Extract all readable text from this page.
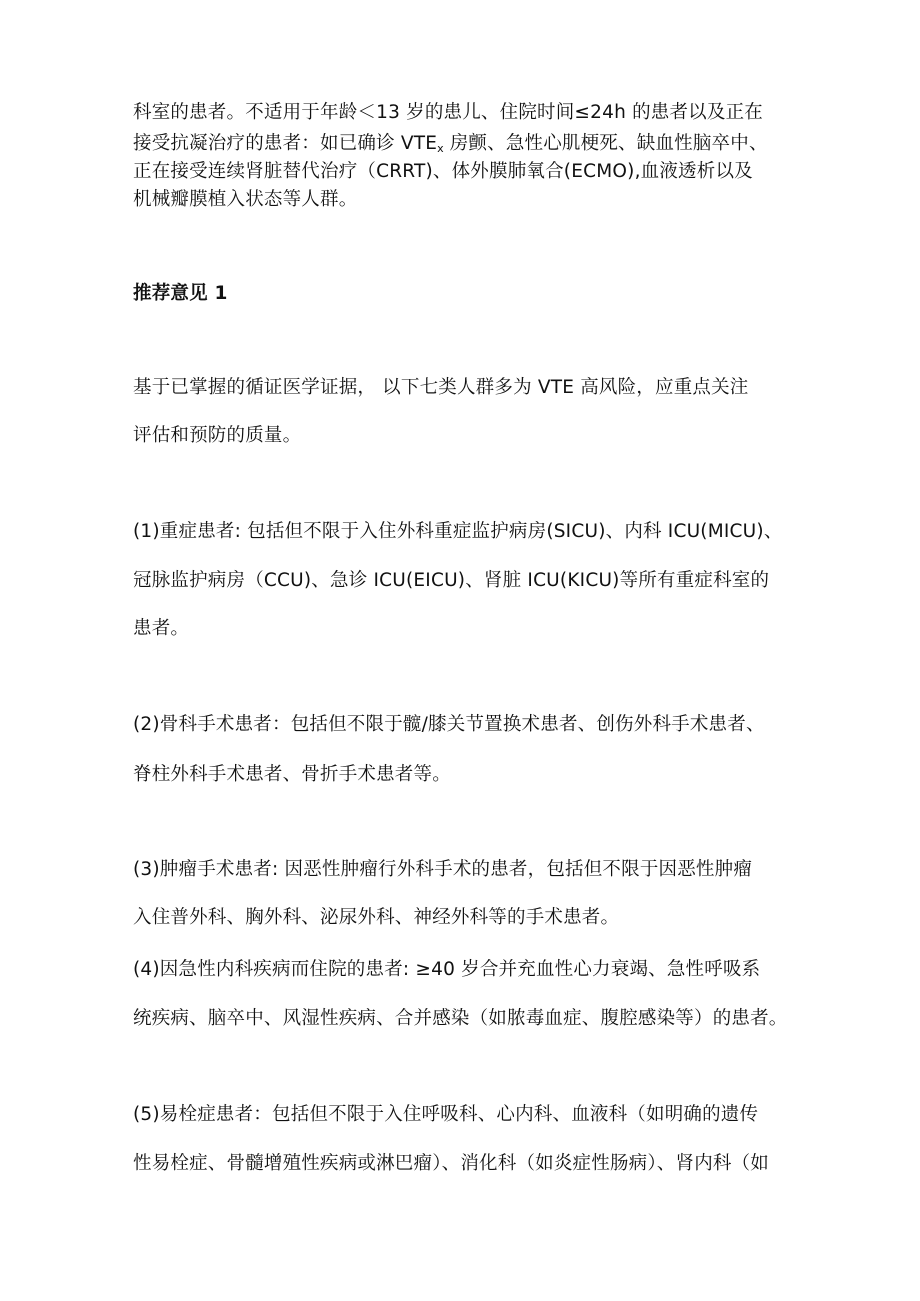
科室的患者。不适用于年龄＜13 岁的患儿、住院时间≤24h 的患者以及正在
接受抗凝治疗的患者：如已确诊 $VTE_x$ 房颤、急性心肌梗死、缺血性脑卒中、
正在接受连续肾脏替代治疗（CRRT)、体外膜肺氧合(ECMO),血液透析以及
机械瓣膜植入状态等人群。
推荐意见 1
基于已掌握的循证医学证据， 以下七类人群多为 VTE 高风险，应重点关注
评估和预防的质量。
(1)重症患者: 包括但不限于入住外科重症监护病房(SICU)、内科 ICU(MICU)、
冠脉监护病房（CCU)、急诊 ICU(EICU)、肾脏 ICU(KICU)等所有重症科室的
患者。
(2)骨科手术患者：包括但不限于髋/膝关节置换术患者、创伤外科手术患者、
脊柱外科手术患者、骨折手术患者等。
(3)肿瘤手术患者: 因恶性肿瘤行外科手术的患者，包括但不限于因恶性肿瘤
入住普外科、胸外科、泌尿外科、神经外科等的手术患者。
(4)因急性内科疾病而住院的患者: ≥40 岁合并充血性心力衰竭、急性呼吸系
统疾病、脑卒中、风湿性疾病、合并感染（如脓毒血症、腹腔感染等）的患者。
(5)易栓症患者：包括但不限于入住呼吸科、心内科、血液科（如明确的遗传
性易栓症、骨髓增殖性疾病或淋巴瘤）、消化科（如炎症性肠病）、肾内科（如
